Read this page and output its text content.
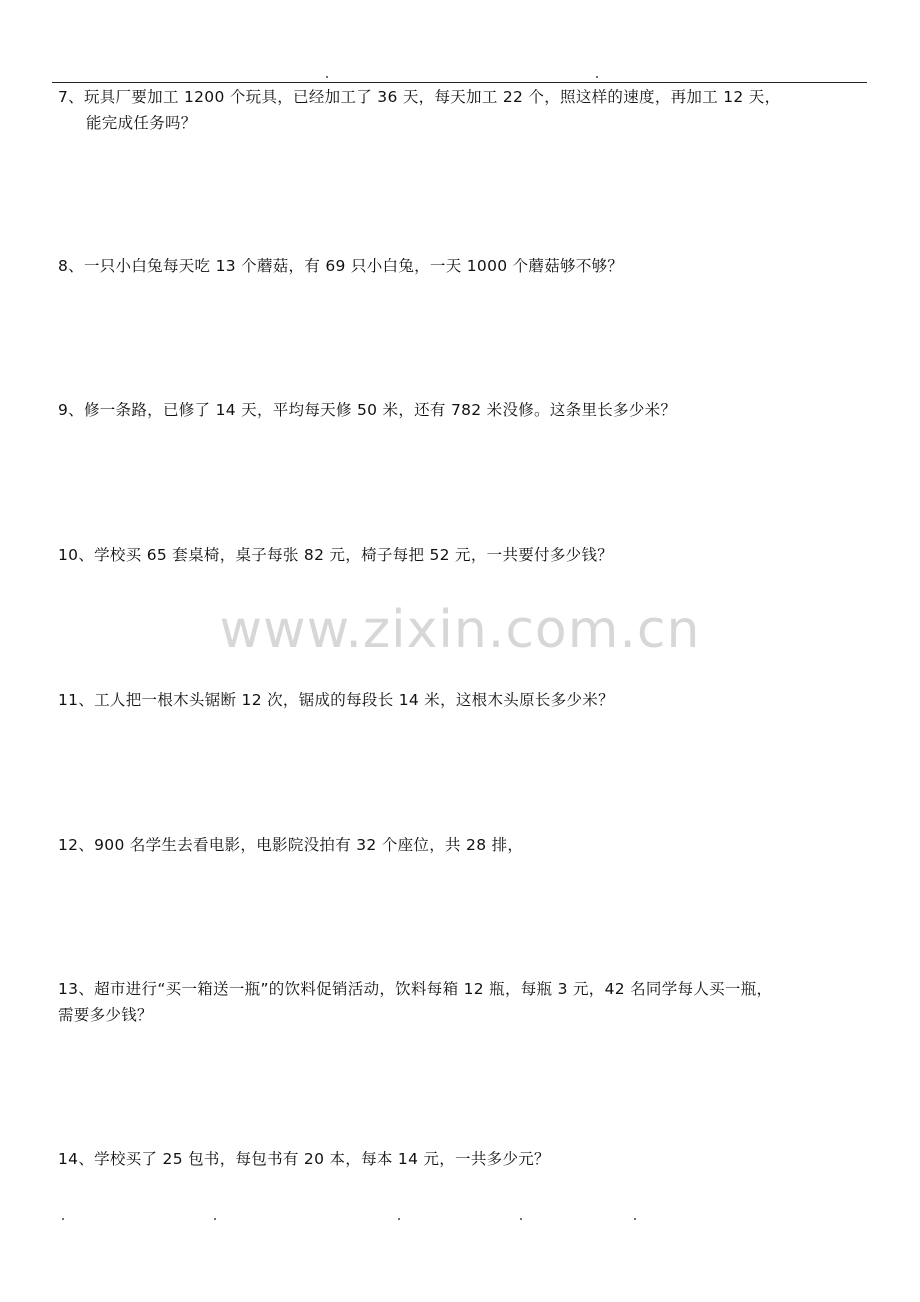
7、玩具厂要加工 1200 个玩具，已经加工了 36 天，每天加工 22 个，照这样的速度，再加工 12 天，
能完成任务吗？
8、一只小白兔每天吃 13 个蘑菇，有 69 只小白兔，一天 1000 个蘑菇够不够？
9、修一条路，已修了 14 天，平均每天修 50 米，还有 782 米没修。这条里长多少米？
10、学校买 65 套桌椅，桌子每张 82 元，椅子每把 52 元，一共要付多少钱？
www.zixin.com.cn
11、工人把一根木头锯断 12 次，锯成的每段长 14 米，这根木头原长多少米？
12、900 名学生去看电影，电影院没拍有 32 个座位，共 28 排，
13、超市进行“买一箱送一瓶”的饮料促销活动，饮料每箱 12 瓶，每瓶 3 元，42 名同学每人买一瓶，
需要多少钱？
14、学校买了 25 包书，每包书有 20 本，每本 14 元，一共多少元？
